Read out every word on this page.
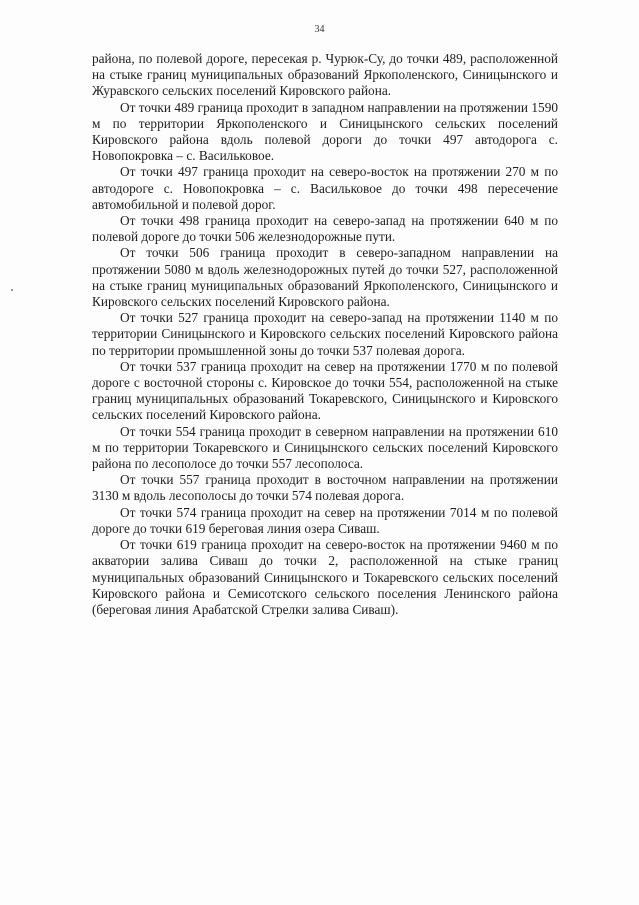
34

района, по полевой дороге, пересекая р. Чурюк-Су, до точки 489, расположенной на стыке границ муниципальных образований Яркополенского, Синицынского и Журавского сельских поселений Кировского района.

От точки 489 граница проходит в западном направлении на протяжении 1590 м по территории Яркополенского и Синицынского сельских поселений Кировского района вдоль полевой дороги до точки 497 автодорога с. Новопокровка – с. Васильковое.

От точки 497 граница проходит на северо-восток на протяжении 270 м по автодороге с. Новопокровка – с. Васильковое до точки 498 пересечение автомобильной и полевой дорог.

От точки 498 граница проходит на северо-запад на протяжении 640 м по полевой дороге до точки 506 железнодорожные пути.

От точки 506 граница проходит в северо-западном направлении на протяжении 5080 м вдоль железнодорожных путей до точки 527, расположенной на стыке границ муниципальных образований Яркополенского, Синицынского и Кировского сельских поселений Кировского района.

От точки 527 граница проходит на северо-запад на протяжении 1140 м по территории Синицынского и Кировского сельских поселений Кировского района по территории промышленной зоны до точки 537 полевая дорога.

От точки 537 граница проходит на север на протяжении 1770 м по полевой дороге с восточной стороны с. Кировское до точки 554, расположенной на стыке границ муниципальных образований Токаревского, Синицынского и Кировского сельских поселений Кировского района.

От точки 554 граница проходит в северном направлении на протяжении 610 м по территории Токаревского и Синицынского сельских поселений Кировского района по лесополосе до точки 557 лесополоса.

От точки 557 граница проходит в восточном направлении на протяжении 3130 м вдоль лесополосы до точки 574 полевая дорога.

От точки 574 граница проходит на север на протяжении 7014 м по полевой дороге до точки 619 береговая линия озера Сиваш.

От точки 619 граница проходит на северо-восток на протяжении 9460 м по акватории залива Сиваш до точки 2, расположенной на стыке границ муниципальных образований Синицынского и Токаревского сельских поселений Кировского района и Семисотского сельского поселения Ленинского района (береговая линия Арабатской Стрелки залива Сиваш).
